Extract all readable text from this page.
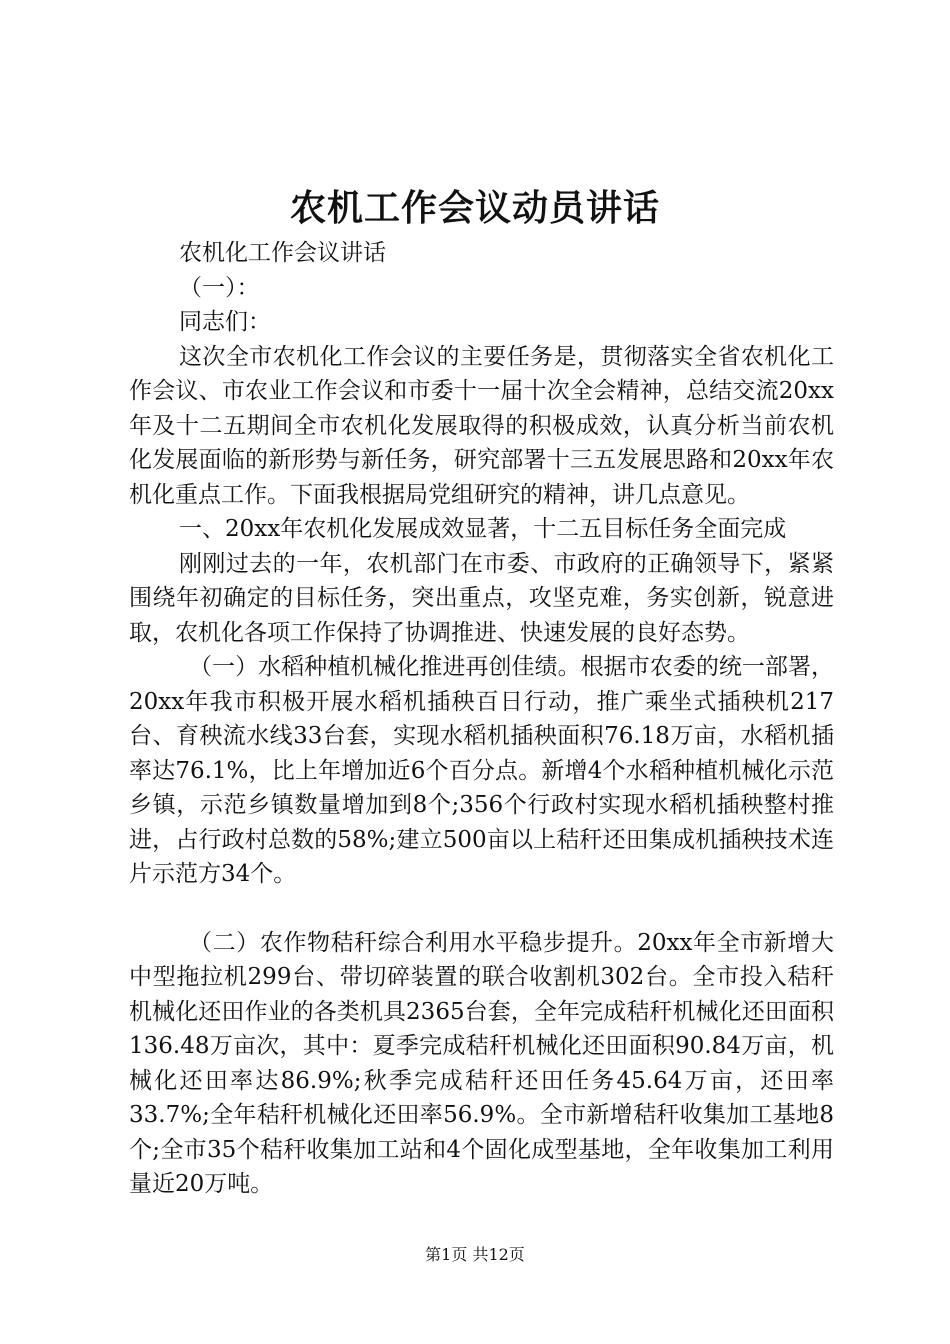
农机工作会议动员讲话

农机化工作会议讲话

（一）：

同志们：

这次全市农机化工作会议的主要任务是，贯彻落实全省农机化工作会议、市农业工作会议和市委十一届十次全会精神，总结交流20xx年及十二五期间全市农机化发展取得的积极成效，认真分析当前农机化发展面临的新形势与新任务，研究部署十三五发展思路和20xx年农机化重点工作。下面我根据局党组研究的精神，讲几点意见。

一、20xx年农机化发展成效显著，十二五目标任务全面完成

刚刚过去的一年，农机部门在市委、市政府的正确领导下，紧紧围绕年初确定的目标任务，突出重点，攻坚克难，务实创新，锐意进取，农机化各项工作保持了协调推进、快速发展的良好态势。

（一）水稻种植机械化推进再创佳绩。根据市农委的统一部署，20xx年我市积极开展水稻机插秧百日行动，推广乘坐式插秧机217台、育秧流水线33台套，实现水稻机插秧面积76.18万亩，水稻机插率达76.1%，比上年增加近6个百分点。新增4个水稻种植机械化示范乡镇，示范乡镇数量增加到8个;356个行政村实现水稻机插秧整村推进，占行政村总数的58%;建立500亩以上秸秆还田集成机插秧技术连片示范方34个。

（二）农作物秸秆综合利用水平稳步提升。20xx年全市新增大中型拖拉机299台、带切碎装置的联合收割机302台。全市投入秸秆机械化还田作业的各类机具2365台套，全年完成秸秆机械化还田面积136.48万亩次，其中：夏季完成秸秆机械化还田面积90.84万亩，机械化还田率达86.9%;秋季完成秸秆还田任务45.64万亩，还田率33.7%;全年秸秆机械化还田率56.9%。全市新增秸秆收集加工基地8个;全市35个秸秆收集加工站和4个固化成型基地，全年收集加工利用量近20万吨。

第1页 共12页
